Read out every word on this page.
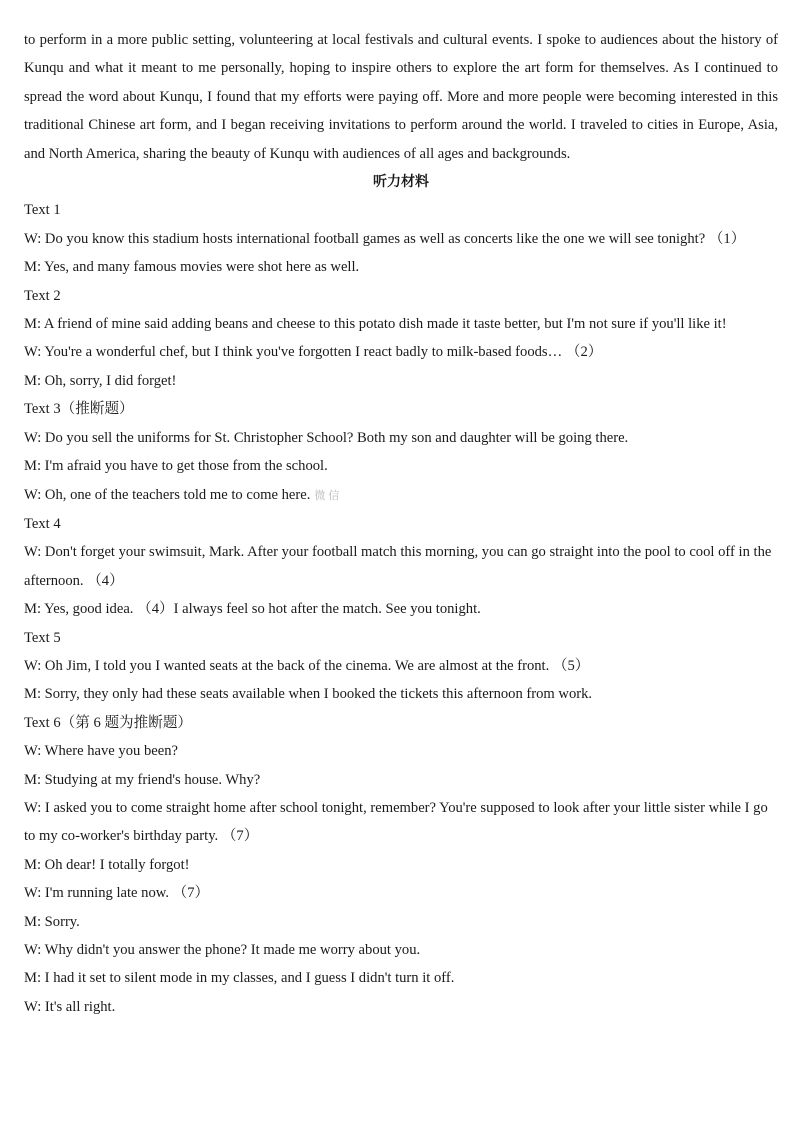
to perform in a more public setting, volunteering at local festivals and cultural events. I spoke to audiences about the history of Kunqu and what it meant to me personally, hoping to inspire others to explore the art form for themselves. As I continued to spread the word about Kunqu, I found that my efforts were paying off. More and more people were becoming interested in this traditional Chinese art form, and I began receiving invitations to perform around the world. I traveled to cities in Europe, Asia, and North America, sharing the beauty of Kunqu with audiences of all ages and backgrounds.

听力材料

Text 1

W: Do you know this stadium hosts international football games as well as concerts like the one we will see tonight? （1）

M: Yes, and many famous movies were shot here as well.

Text 2

M: A friend of mine said adding beans and cheese to this potato dish made it taste better, but I'm not sure if you'll like it!

W: You're a wonderful chef, but I think you've forgotten I react badly to milk-based foods… （2）

M: Oh, sorry, I did forget!

Text 3（推断题）

W: Do you sell the uniforms for St. Christopher School? Both my son and daughter will be going there.

M: I'm afraid you have to get those from the school.

W: Oh, one of the teachers told me to come here. 微信

Text 4

W: Don't forget your swimsuit, Mark. After your football match this morning, you can go straight into the pool to cool off in the afternoon. （4）

M: Yes, good idea. （4）I always feel so hot after the match. See you tonight.

Text 5

W: Oh Jim, I told you I wanted seats at the back of the cinema. We are almost at the front. （5）

M: Sorry, they only had these seats available when I booked the tickets this afternoon from work.

Text 6（第 6 题为推断题）

W: Where have you been?

M: Studying at my friend's house. Why?

W: I asked you to come straight home after school tonight, remember? You're supposed to look after your little sister while I go to my co-worker's birthday party. （7）

M: Oh dear! I totally forgot!

W: I'm running late now. （7）

M: Sorry.

W: Why didn't you answer the phone? It made me worry about you.

M: I had it set to silent mode in my classes, and I guess I didn't turn it off.

W: It's all right.
